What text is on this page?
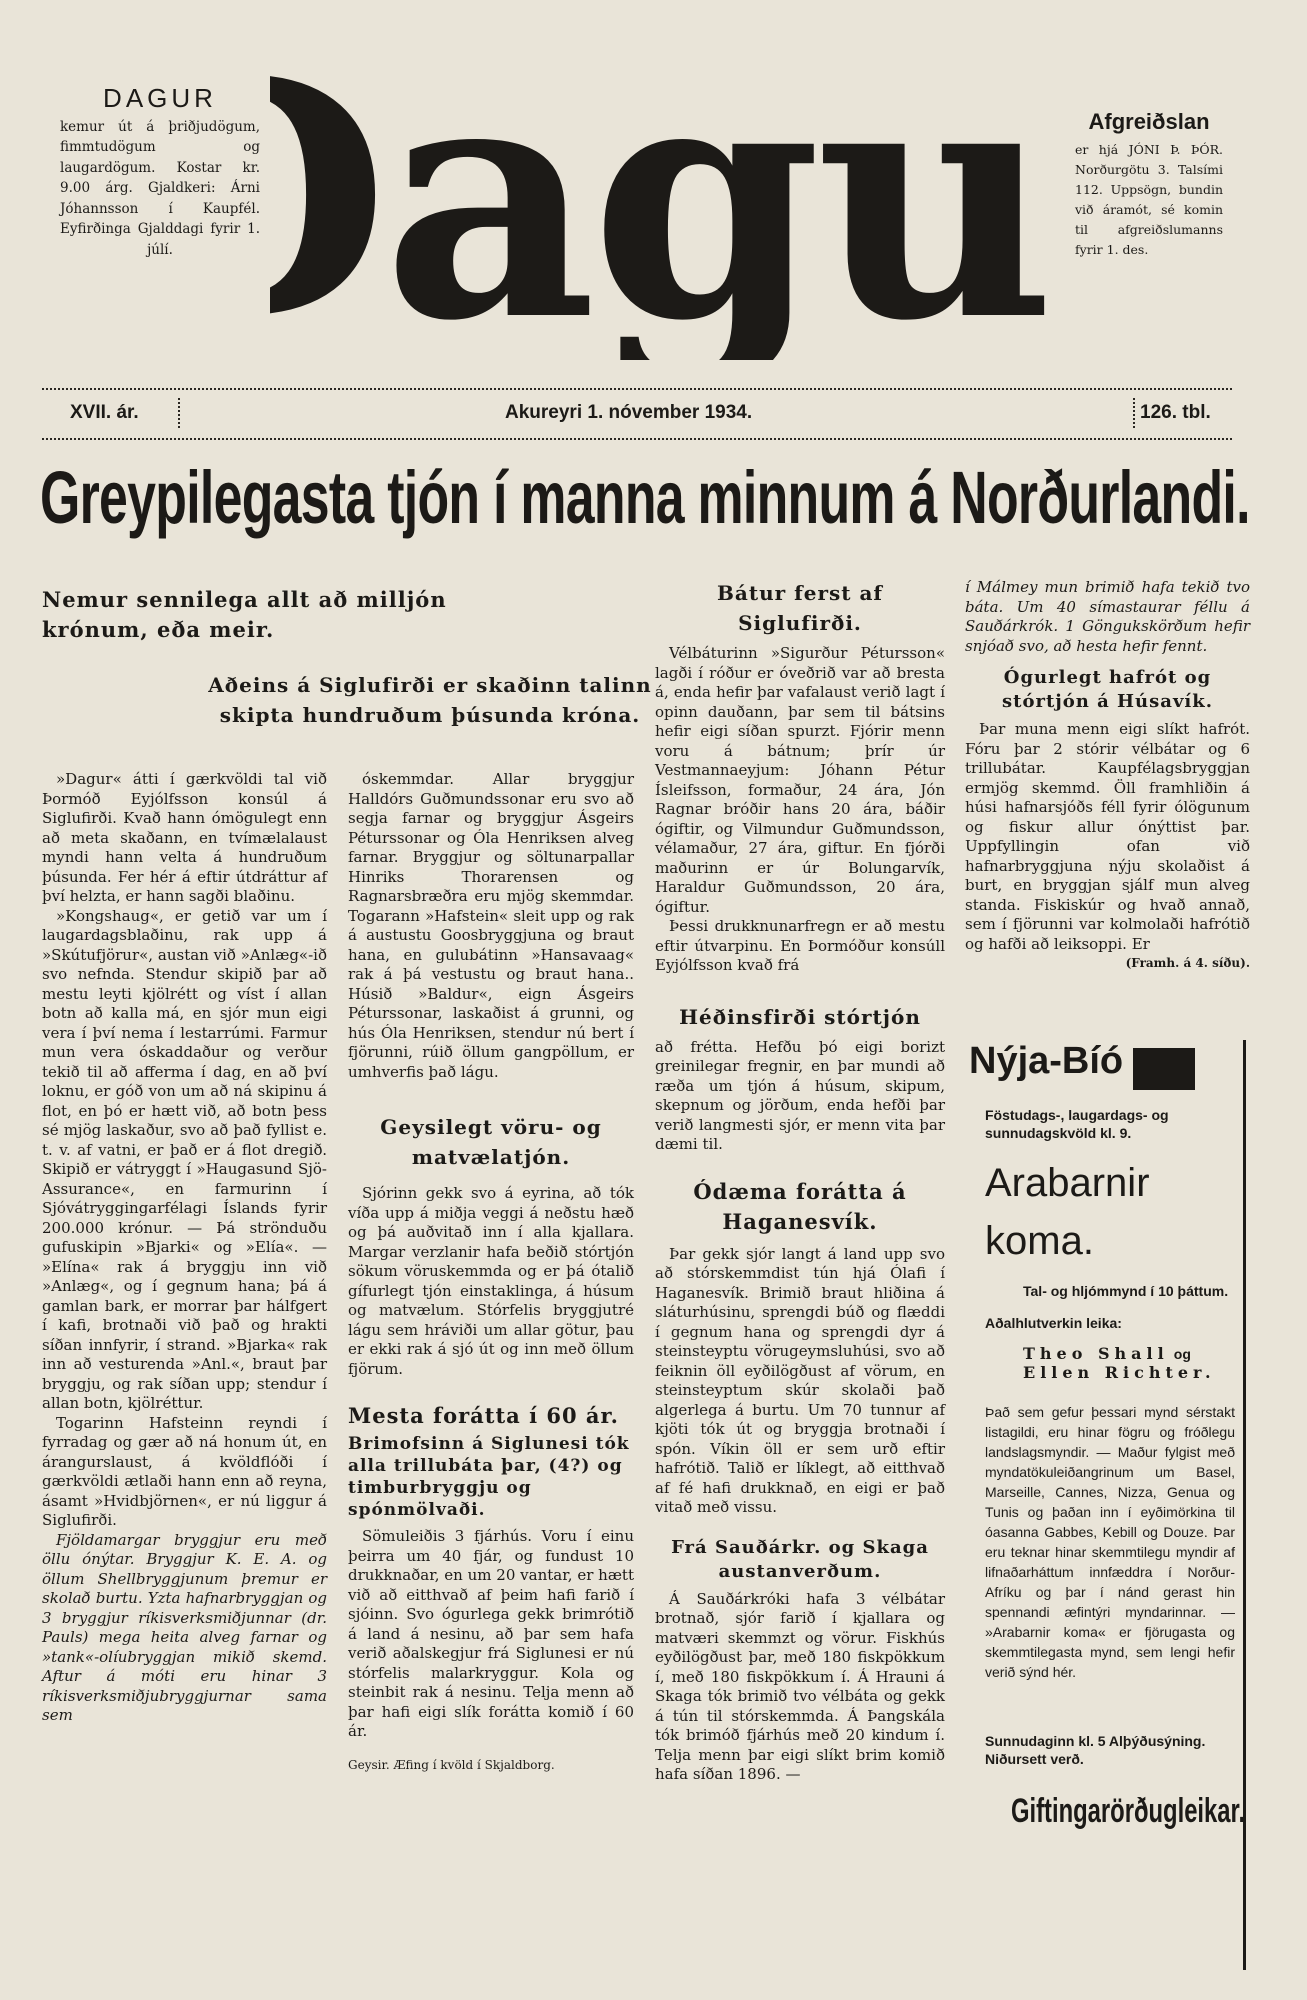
DAGUR
kemur út á þriðjudögum, fimmtudögum og laugardögum. Kostar kr. 9.00 árg. Gjaldkeri: Árni Jóhannsson í Kaupfél. Eyfirðinga Gjalddagi fyrir 1. júlí. agu	Afgreiðslan
er hjá JÓNI Þ. ÞÓR. Norðurgötu 3. Talsími 112. Uppsögn, bundin við áramót, sé komin til afgreiðslumanns fyrir 1. des.
XVII. ár.	Akureyri 1. nóvember 1934.	126. tbl.
Greypilegasta tjón í manna minnum á Norðurlandi.
Nemur sennilega allt að milljón krónum, eða meir.
Aðeins á Siglufirði er skaðinn talinn skipta hundruðum þúsunda króna.

»Dagur« átti í gærkvöldi tal við Þormóð Eyjólfsson konsúl á Siglufirði. Kvað hann ómögulegt enn að meta skaðann, en tvímælalaust myndi hann velta á hundruðum þúsunda. Fer hér á eftir útdráttur af því helzta, er hann sagði blaðinu.

»Kongshaug«, er getið var um í laugardagsblaðinu, rak upp á »Skútufjörur«, austan við »Anlæg«-ið svo nefnda. Stendur skipið þar að mestu leyti kjölrétt og víst í allan botn að kalla má, en sjór mun eigi vera í því nema í lestarrúmi. Farmur mun vera óskaddaður og verður tekið til að afferma í dag, en að því loknu, er góð von um að ná skipinu á flot, en þó er hætt við, að botn þess sé mjög laskaður, svo að það fyllist e. t. v. af vatni, er það er á flot dregið. Skipið er vátryggt í »Haugasund Sjö-Assurance«, en farmurinn í Sjóvátryggingarfélagi Íslands fyrir 200.000 krónur. — Þá strönduðu gufuskipin »Bjarki« og »Elía«. — »Elína« rak á bryggju inn við »Anlæg«, og í gegnum hana; þá á gamlan bark, er morrar þar hálfgert í kafi, brotnaði við það og hrakti síðan innfyrir, í strand. »Bjarka« rak inn að vesturenda »Anl.«, braut þar bryggju, og rak síðan upp; stendur í allan botn, kjölréttur.

Togarinn Hafsteinn reyndi í fyrradag og gær að ná honum út, en árangurslaust, á kvöldflóði í gærkvöldi ætlaði hann enn að reyna, ásamt »Hvidbjörnen«, er nú liggur á Siglufirði.

Fjöldamargar bryggjur eru með öllu ónýtar. Bryggjur K. E. A. og öllum Shellbryggjunum þremur er skolað burtu. Yzta hafnarbryggjan og 3 bryggjur ríkisverksmiðjunnar (dr. Pauls) mega heita alveg farnar og »tank«-olíubryggjan mikið skemd. Aftur á móti eru hinar 3 ríkisverksmiðjubryggjurnar sama sem

óskemmdar. Allar bryggjur Halldórs Guðmundssonar eru svo að segja farnar og bryggjur Ásgeirs Péturssonar og Óla Henriksen alveg farnar. Bryggjur og söltunarpallar Hinriks Thorarensen og Ragnarsbræðra eru mjög skemmdar. Togarann »Hafstein« sleit upp og rak á austustu Goosbryggjuna og braut hana, en gulubátinn »Hansavaag« rak á þá vestustu og braut hana.. Húsið »Baldur«, eign Ásgeirs Péturssonar, laskaðist á grunni, og hús Óla Henriksen, stendur nú bert í fjörunni, rúið öllum gangpöllum, er umhverfis það lágu.

Geysilegt vöru- og matvælatjón.

Sjórinn gekk svo á eyrina, að tók víða upp á miðja veggi á neðstu hæð og þá auðvitað inn í alla kjallara. Margar verzlanir hafa beðið stórtjón sökum vöruskemmda og er þá ótalið gífurlegt tjón einstaklinga, á húsum og matvælum. Stórfelis bryggjutré lágu sem hráviði um allar götur, þau er ekki rak á sjó út og inn með öllum fjörum.

Mesta forátta í 60 ár.
Brimofsinn á Siglunesi tók alla trillubáta þar, (4?) og timburbryggju og spónmölvaði.

Sömuleiðis 3 fjárhús. Voru í einu þeirra um 40 fjár, og fundust 10 drukknaðar, en um 20 vantar, er hætt við að eitthvað af þeim hafi farið í sjóinn. Svo ógurlega gekk brimrótið á land á nesinu, að þar sem hafa verið aðalskegjur frá Siglunesi er nú stórfelis malarkryggur. Kola og steinbit rak á nesinu. Telja menn að þar hafi eigi slík forátta komið í 60 ár.

Geysir. Æfing í kvöld í Skjaldborg.

Bátur ferst af Siglufirði.

Vélbáturinn »Sigurður Pétursson« lagði í róður er óveðrið var að bresta á, enda hefir þar vafalaust verið lagt í opinn dauðann, þar sem til bátsins hefir eigi síðan spurzt. Fjórir menn voru á bátnum; þrír úr Vestmannaeyjum: Jóhann Pétur Ísleifsson, formaður, 24 ára, Jón Ragnar bróðir hans 20 ára, báðir ógiftir, og Vilmundur Guðmundsson, vélamaður, 27 ára, giftur. En fjórði maðurinn er úr Bolungarvík, Haraldur Guðmundsson, 20 ára, ógiftur.

Þessi drukknunarfregn er að mestu eftir útvarpinu. En Þormóður konsúll Eyjólfsson kvað frá

Héðinsfirði stórtjón

að frétta. Hefðu þó eigi borizt greinilegar fregnir, en þar mundi að ræða um tjón á húsum, skipum, skepnum og jörðum, enda hefði þar verið langmesti sjór, er menn vita þar dæmi til.

Ódæma forátta á Haganesvík.

Þar gekk sjór langt á land upp svo að stórskemmdist tún hjá Ólafi í Haganesvík. Brimið braut hliðina á sláturhúsinu, sprengdi búð og flæddi í gegnum hana og sprengdi dyr á steinsteyptu vörugeymsluhúsi, svo að feiknin öll eyðilögðust af vörum, en steinsteyptum skúr skolaði það algerlega á burtu. Um 70 tunnur af kjöti tók út og bryggja brotnaði í spón. Víkin öll er sem urð eftir hafrótið. Talið er líklegt, að eitthvað af fé hafi drukknað, en eigi er það vitað með vissu.

Frá Sauðárkr. og Skaga austanverðum.

Á Sauðárkróki hafa 3 vélbátar brotnað, sjór farið í kjallara og matværi skemmzt og vörur. Fiskhús eyðilögðust þar, með 180 fiskpökkum í, með 180 fiskpökkum í. Á Hrauni á Skaga tók brimið tvo vélbáta og gekk á tún til stórskemmda. Á Þangskála tók brimóð fjárhús með 20 kindum í. Telja menn þar eigi slíkt brim komið hafa síðan 1896. —

í Málmey mun brimið hafa tekið tvo báta. Um 40 símastaurar féllu á Sauðárkrók. 1 Göngukskörðum hefir snjóað svo, að hesta hefir fennt.

Ógurlegt hafrót og stórtjón á Húsavík.

Þar muna menn eigi slíkt hafrót. Fóru þar 2 stórir vélbátar og 6 trillubátar. Kaupfélagsbryggjan ermjög skemmd. Öll framhliðin á húsi hafnarsjóðs féll fyrir ólögunum og fiskur allur ónýttist þar. Uppfyllingin ofan við hafnarbryggjuna nýju skolaðist á burt, en bryggjan sjálf mun alveg standa. Fiskiskúr og hvað annað, sem í fjörunni var kolmolaði hafrótið og hafði að leiksoppi. Er

(Framh. á 4. síðu).

Nýja-Bíó
Föstudags-, laugardags- og sunnudagskvöld kl. 9.
Arabarnir koma.
Tal- og hljómmynd í 10 þáttum.
Aðalhlutverkin leika:
Theo Shall og
Ellen Richter.
Það sem gefur þessari mynd sérstakt listagildi, eru hinar fögru og fróðlegu landslagsmyndir. — Maður fylgist með myndatökuleiðangrinum um Basel, Marseille, Cannes, Nizza, Genua og Tunis og þaðan inn í eyðimörkina til óasanna Gabbes, Kebill og Douze. Þar eru teknar hinar skemmtilegu myndir af lifnaðarháttum innfæddra í Norður-Afríku og þar í nánd gerast hin spennandi æfintýri myndarinnar. — »Arabarnir koma« er fjörugasta og skemmtilegasta mynd, sem lengi hefir verið sýnd hér.
Sunnudaginn kl. 5 Alþýðusýning. Niðursett verð.
Giftingarörðugleikar.
